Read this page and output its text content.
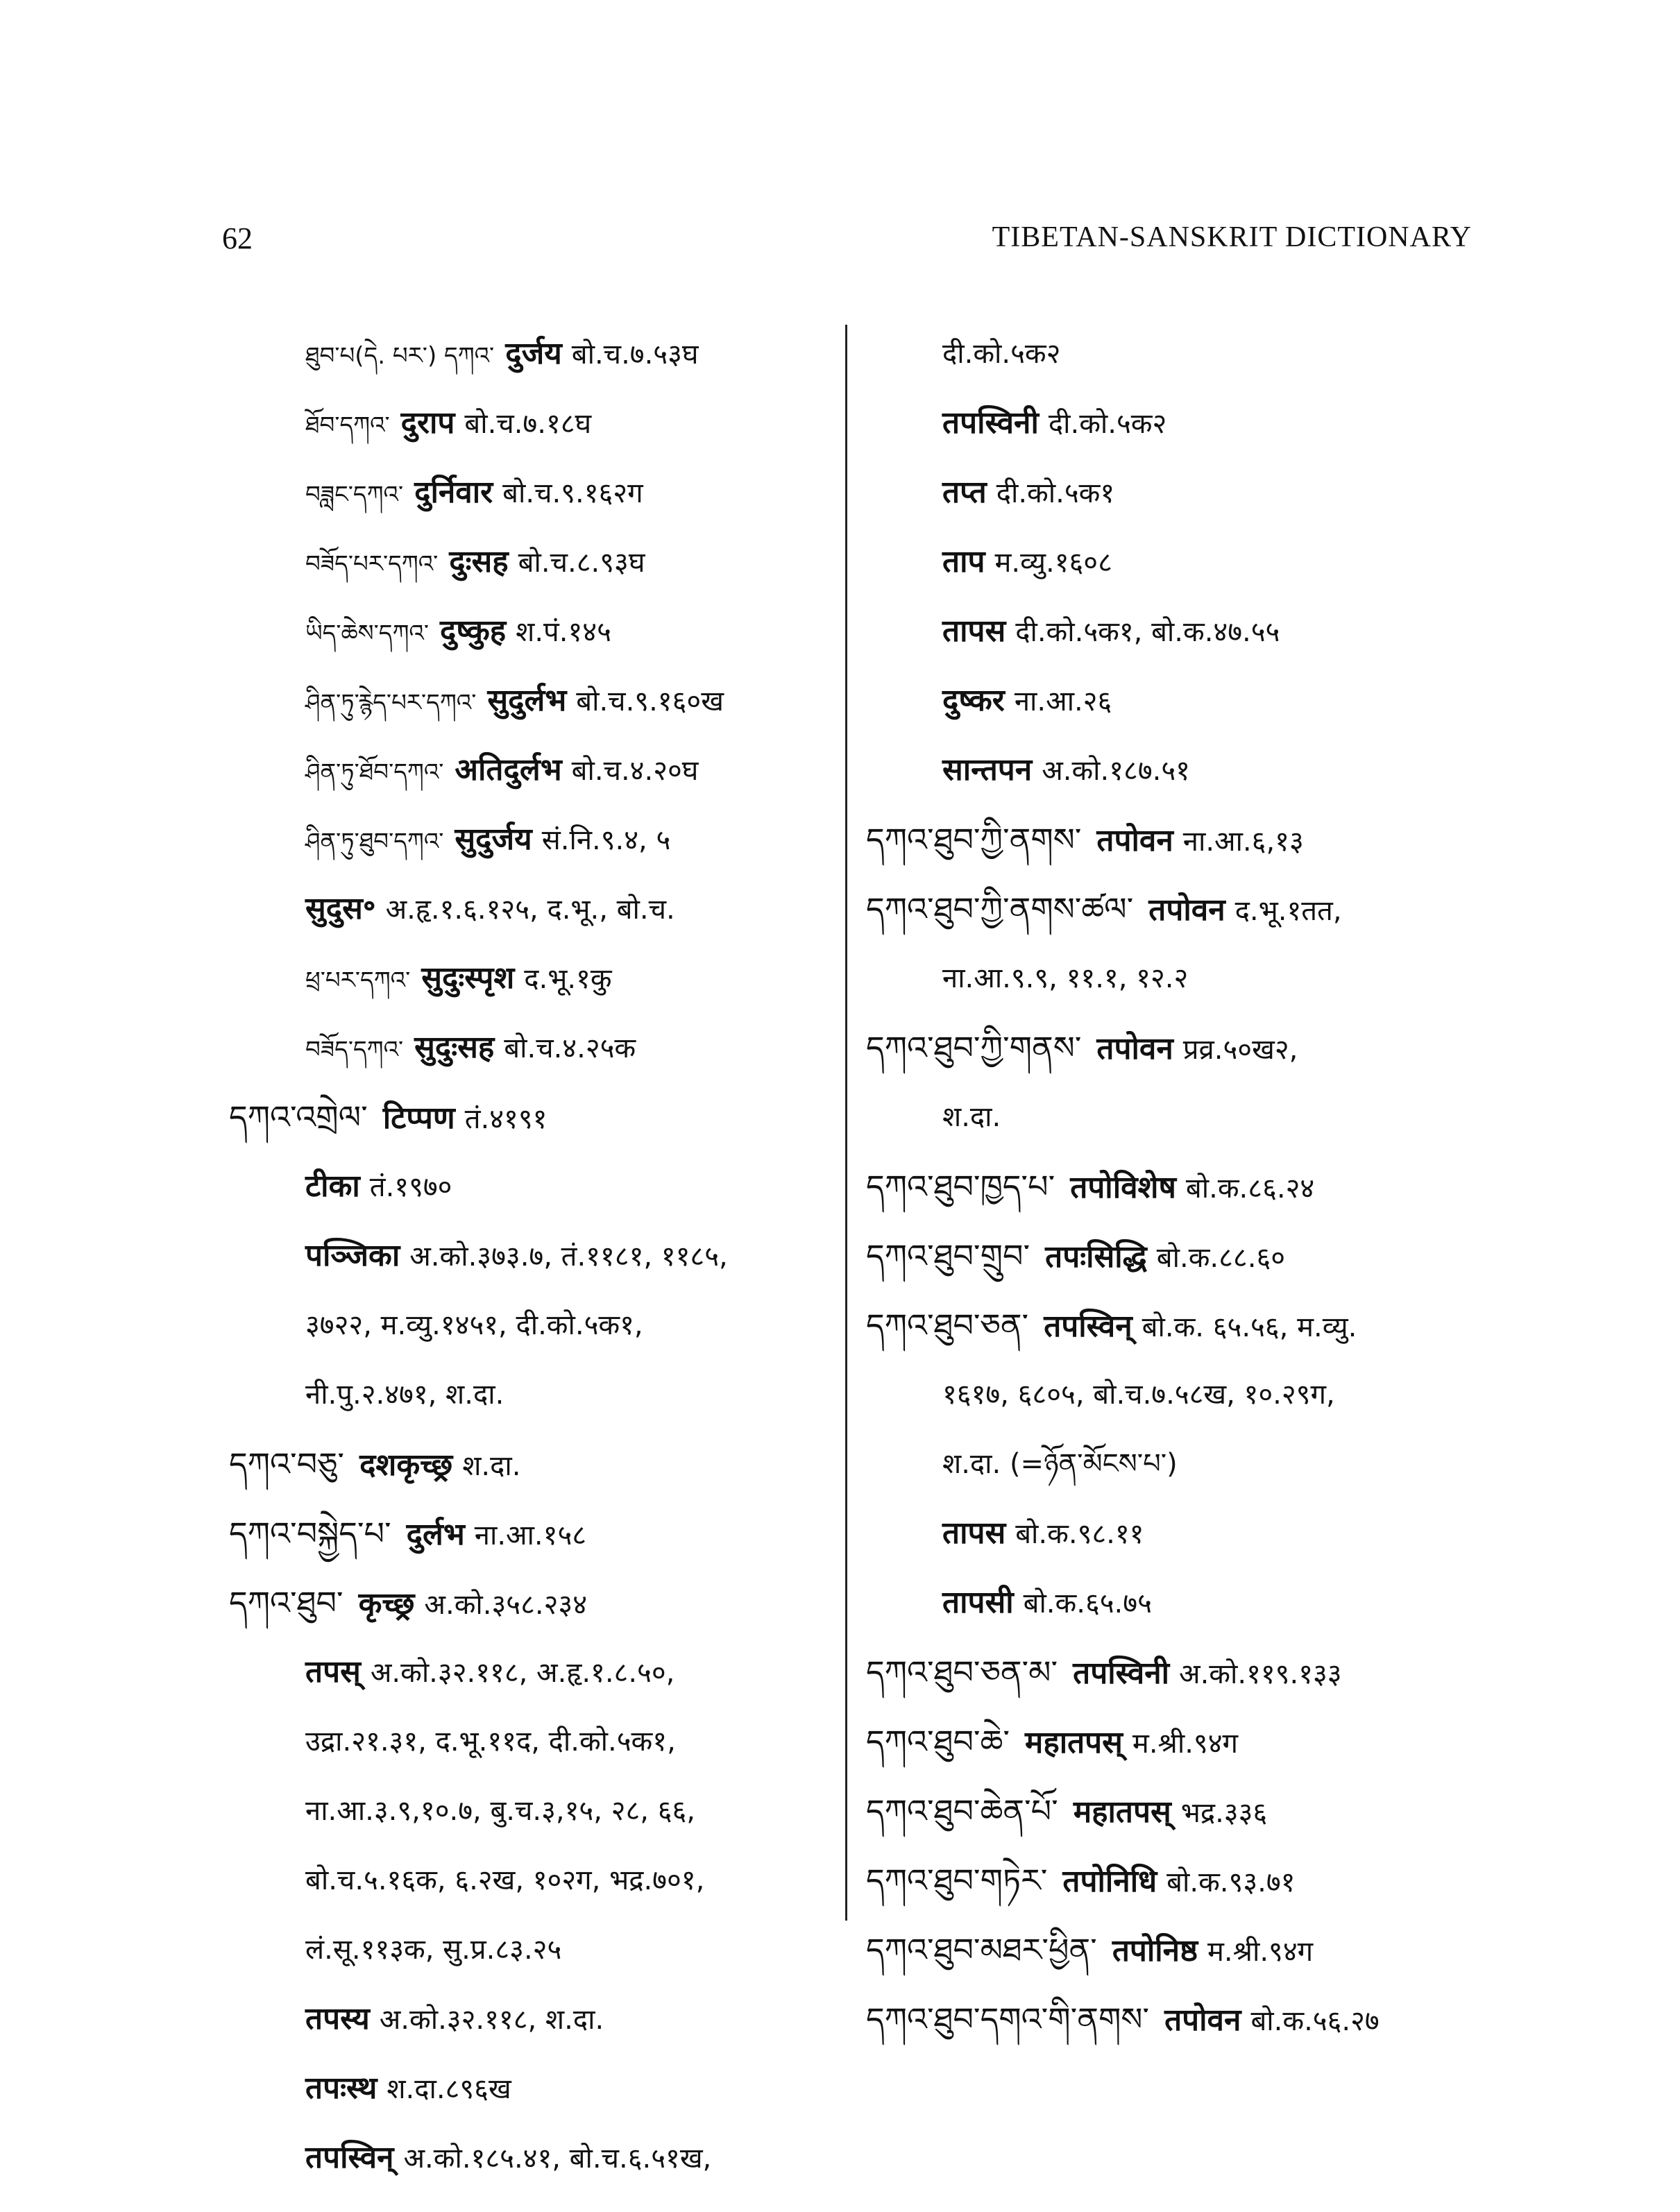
62	TIBETAN-SANSKRIT DICTIONARY
ཐུབ་པ(དེ. པར་) དཀའ་ दुर्जय बो.च.७.५३घ
ཐོབ་དཀའ་ दुराप बो.च.७.१८घ
བཟླང་དཀའ་ दुर्निवार बो.च.९.१६२ग
བཟོད་པར་དཀའ་ दुःसह बो.च.८.९३घ
ཡིད་ཆེས་དཀའ་ दुष्कुह श.पं.१४५
ཤིན་ཏུ་རྙེད་པར་དཀའ་ सुदुर्लभ बो.च.९.१६०ख
ཤིན་ཏུ་ཐོབ་དཀའ་ अतिदुर्लभ बो.च.४.२०घ
ཤིན་ཏུ་ཐུབ་དཀའ་ सुदुर्जय सं.नि.९.४, ५
सुदुस॰ अ.हृ.१.६.१२५, द.भू., बो.च.
ཕྲ་པར་དཀའ་ सुदुःस्पृश द.भू.१कु
བཟོད་དཀའ་ सुदुःसह बो.च.४.२५क
དཀའ་འགྲེལ་ टिप्पण तं.४१९१
टीका तं.१९७०
पञ्जिका अ.को.३७३.७, तं.११८१, ११८५,
३७२२, म.व्यु.१४५१, दी.को.५क१,
नी.पु.२.४७१, श.दा.
དཀའ་བཅུ་ दशकृच्छ्र श.दा.
དཀའ་བསྐྱེད་པ་ दुर्लभ ना.आ.१५८
དཀའ་ཐུབ་ कृच्छ्र अ.को.३५८.२३४
तपस् अ.को.३२.११८, अ.हृ.१.८.५०,
उद्रा.२१.३१, द.भू.११द, दी.को.५क१,
ना.आ.३.९,१०.७, बु.च.३,१५, २८, ६६,
बो.च.५.१६क, ६.२ख, १०२ग, भद्र.७०१,
लं.सू.११३क, सु.प्र.८३.२५
तपस्य अ.को.३२.११८, श.दा.
तपःस्थ श.दा.८९६ख
तपस्विन् अ.को.१८५.४१, बो.च.६.५१ख,
दी.को.५क२
तपस्विनी दी.को.५क२
तप्त दी.को.५क१
ताप म.व्यु.१६०८
तापस दी.को.५क१, बो.क.४७.५५
दुष्कर ना.आ.२६
सान्तपन अ.को.१८७.५१
དཀའ་ཐུབ་ཀྱི་ནགས་ तपोवन ना.आ.६,१३
དཀའ་ཐུབ་ཀྱི་ནགས་ཚལ་ तपोवन द.भू.१तत,
ना.आ.९.९, ११.१, १२.२
དཀའ་ཐུབ་ཀྱི་གནས་ तपोवन प्रव्र.५०ख२,
श.दा.
དཀའ་ཐུབ་ཁྱད་པ་ तपोविशेष बो.क.८६.२४
དཀའ་ཐུབ་གྲུབ་ तपःसिद्धि बो.क.८८.६०
དཀའ་ཐུབ་ཅན་ तपस्विन् बो.क. ६५.५६, म.व्यु.
१६१७, ६८०५, बो.च.७.५८ख, १०.२९ग,
श.दा. (=ཉོན་མོངས་པ་)
तापस बो.क.९८.११
तापसी बो.क.६५.७५
དཀའ་ཐུབ་ཅན་མ་ तपस्विनी अ.को.११९.१३३
དཀའ་ཐུབ་ཆེ་ महातपस् म.श्री.९४ग
དཀའ་ཐུབ་ཆེན་པོ་ महातपस् भद्र.३३६
དཀའ་ཐུབ་གཏེར་ तपोनिधि बो.क.९३.७१
དཀའ་ཐུབ་མཐར་ཕྱིན་ तपोनिष्ठ म.श्री.९४ग
དཀའ་ཐུབ་དགའ་གི་ནགས་ तपोवन बो.क.५६.२७
